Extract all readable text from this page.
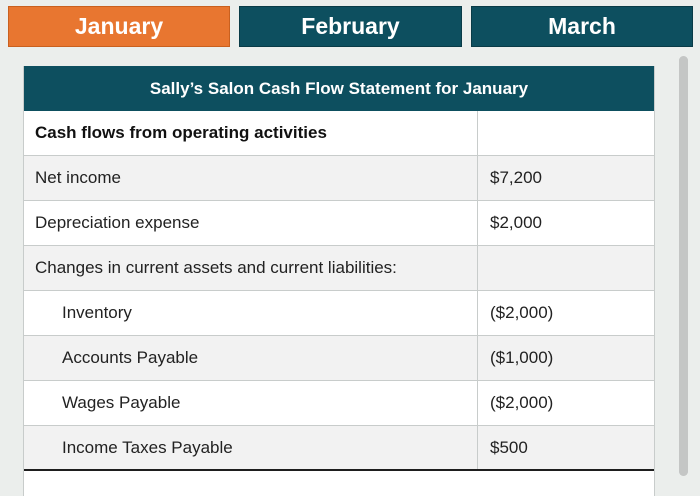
January	February	March
Sally’s Salon Cash Flow Statement for January
Cash flows from operating activities
Net income	$7,200
Depreciation expense	$2,000
Changes in current assets and current liabilities:
Inventory	($2,000)
Accounts Payable	($1,000)
Wages Payable	($2,000)
Income Taxes Payable	$500
